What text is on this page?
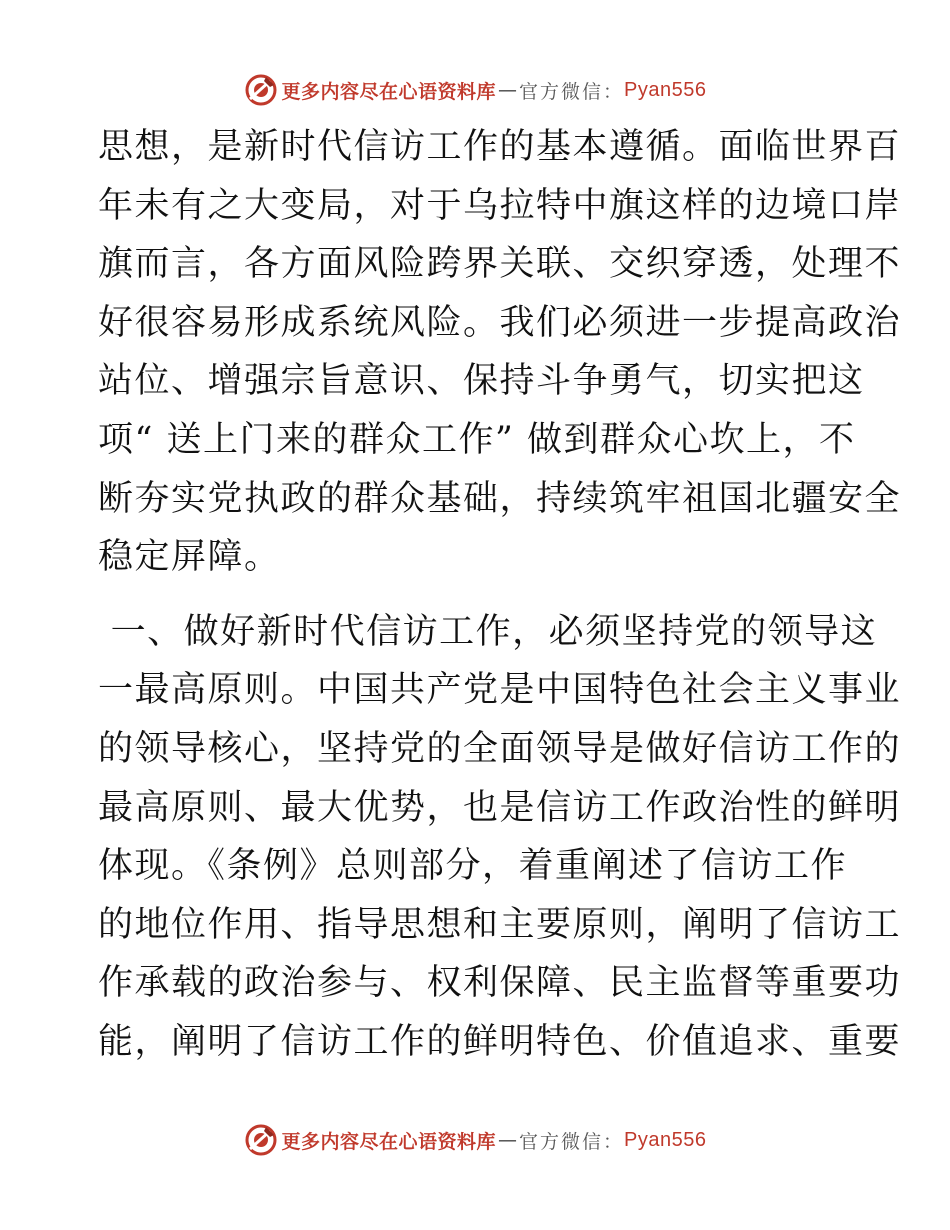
更多内容尽在心语资料库 — 官方微信： Pyan556
思想，是新时代信访工作的基本遵循。面临世界百
年未有之大变局，对于乌拉特中旗这样的边境口岸
旗而言，各方面风险跨界关联、交织穿透，处理不
好很容易形成系统风险。我们必须进一步提高政治
站位、增强宗旨意识、保持斗争勇气，切实把这
项“ 送上门来的群众工作” 做到群众心坎上，不
断夯实党执政的群众基础，持续筑牢祖国北疆安全
稳定屏障。
一、做好新时代信访工作，必须坚持党的领导这
一最高原则。中国共产党是中国特色社会主义事业
的领导核心，坚持党的全面领导是做好信访工作的
最高原则、最大优势，也是信访工作政治性的鲜明
体现。《条例》总则部分，着重阐述了信访工作
的地位作用、指导思想和主要原则，阐明了信访工
作承载的政治参与、权利保障、民主监督等重要功
能，阐明了信访工作的鲜明特色、价值追求、重要
更多内容尽在心语资料库 — 官方微信： Pyan556
